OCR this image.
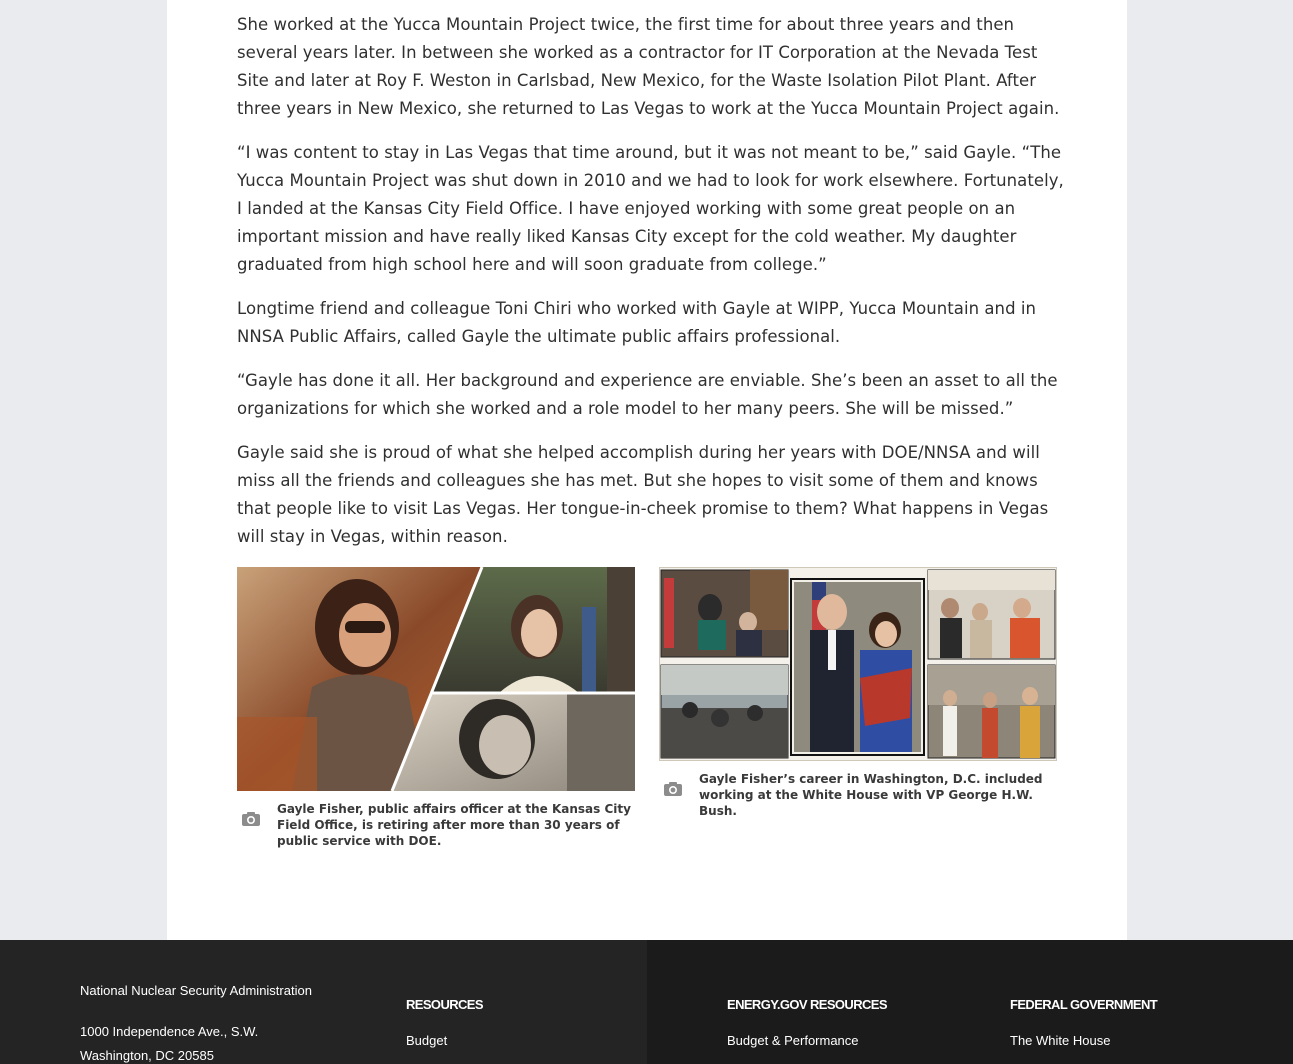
She worked at the Yucca Mountain Project twice, the first time for about three years and then several years later. In between she worked as a contractor for IT Corporation at the Nevada Test Site and later at Roy F. Weston in Carlsbad, New Mexico, for the Waste Isolation Pilot Plant. After three years in New Mexico, she returned to Las Vegas to work at the Yucca Mountain Project again.

“I was content to stay in Las Vegas that time around, but it was not meant to be,” said Gayle. “The Yucca Mountain Project was shut down in 2010 and we had to look for work elsewhere. Fortunately, I landed at the Kansas City Field Office. I have enjoyed working with some great people on an important mission and have really liked Kansas City except for the cold weather. My daughter graduated from high school here and will soon graduate from college.”

Longtime friend and colleague Toni Chiri who worked with Gayle at WIPP, Yucca Mountain and in NNSA Public Affairs, called Gayle the ultimate public affairs professional.

“Gayle has done it all. Her background and experience are enviable. She’s been an asset to all the organizations for which she worked and a role model to her many peers. She will be missed.”

Gayle said she is proud of what she helped accomplish during her years with DOE/NNSA and will miss all the friends and colleagues she has met. But she hopes to visit some of them and knows that people like to visit Las Vegas. Her tongue-in-cheek promise to them? What happens in Vegas will stay in Vegas, within reason.

Gayle Fisher, public affairs officer at the Kansas City Field Office, is retiring after more than 30 years of public service with DOE.
Gayle Fisher’s career in Washington, D.C. included working at the White House with VP George H.W. Bush.
National Nuclear Security Administration
1000 Independence Ave., S.W.
Washington, DC 20585
RESOURCES
Budget
ENERGY.GOV RESOURCES
Budget & Performance
FEDERAL GOVERNMENT
The White House
